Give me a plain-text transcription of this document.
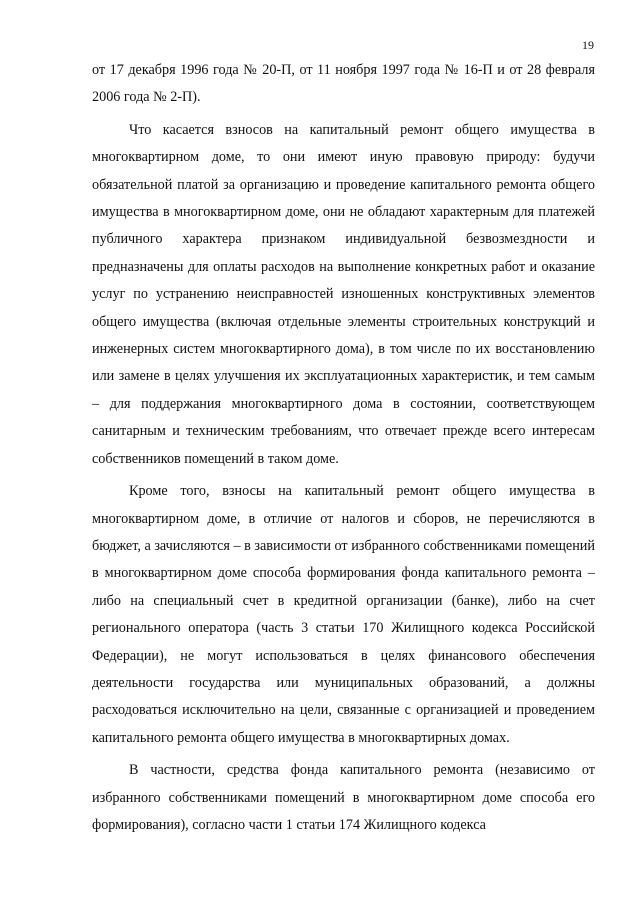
19

от 17 декабря 1996 года № 20-П, от 11 ноября 1997 года № 16-П и от 28 февраля 2006 года № 2-П).

Что касается взносов на капитальный ремонт общего имущества в многоквартирном доме, то они имеют иную правовую природу: будучи обязательной платой за организацию и проведение капитального ремонта общего имущества в многоквартирном доме, они не обладают характерным для платежей публичного характера признаком индивидуальной безвозмездности и предназначены для оплаты расходов на выполнение конкретных работ и оказание услуг по устранению неисправностей изношенных конструктивных элементов общего имущества (включая отдельные элементы строительных конструкций и инженерных систем многоквартирного дома), в том числе по их восстановлению или замене в целях улучшения их эксплуатационных характеристик, и тем самым – для поддержания многоквартирного дома в состоянии, соответствующем санитарным и техническим требованиям, что отвечает прежде всего интересам собственников помещений в таком доме.

Кроме того, взносы на капитальный ремонт общего имущества в многоквартирном доме, в отличие от налогов и сборов, не перечисляются в бюджет, а зачисляются – в зависимости от избранного собственниками помещений в многоквартирном доме способа формирования фонда капитального ремонта – либо на специальный счет в кредитной организации (банке), либо на счет регионального оператора (часть 3 статьи 170 Жилищного кодекса Российской Федерации), не могут использоваться в целях финансового обеспечения деятельности государства или муниципальных образований, а должны расходоваться исключительно на цели, связанные с организацией и проведением капитального ремонта общего имущества в многоквартирных домах.

В частности, средства фонда капитального ремонта (независимо от избранного собственниками помещений в многоквартирном доме способа его формирования), согласно части 1 статьи 174 Жилищного кодекса
